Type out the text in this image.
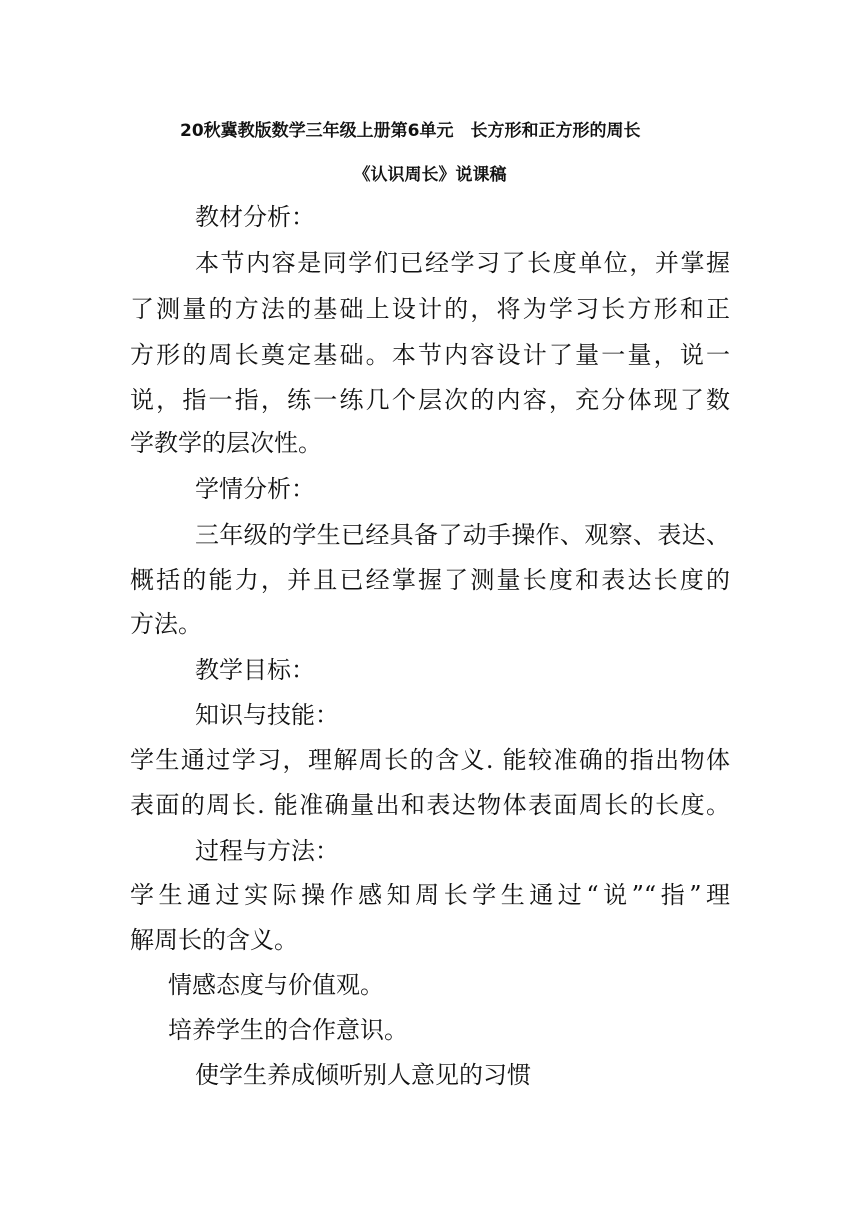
20秋冀教版数学三年级上册第6单元　长方形和正方形的周长
《认识周长》说课稿
教材分析：
本节内容是同学们已经学习了长度单位，并掌握
了测量的方法的基础上设计的，将为学习长方形和正
方形的周长奠定基础。本节内容设计了量一量，说一
说，指一指，练一练几个层次的内容，充分体现了数
学教学的层次性。
学情分析：
三年级的学生已经具备了动手操作、观察、表达、
概括的能力，并且已经掌握了测量长度和表达长度的
方法。
教学目标：
知识与技能：
学生通过学习，理解周长的含义. 能较准确的指出物体
表面的周长. 能准确量出和表达物体表面周长的长度。
过程与方法：
学生通过实际操作感知周长学生通过“说”“指”理
解周长的含义。
情感态度与价值观。
培养学生的合作意识。
使学生养成倾听别人意见的习惯
